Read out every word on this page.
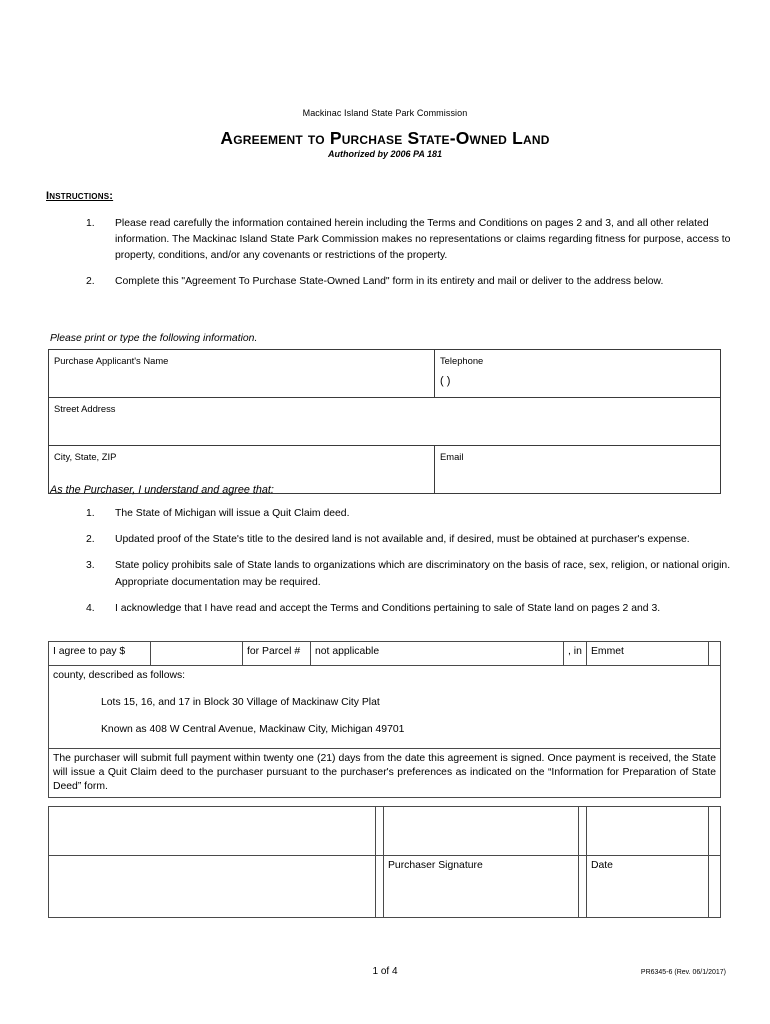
Mackinac Island State Park Commission
Agreement to Purchase State-Owned Land
Authorized by 2006 PA 181
Instructions:
1.	Please read carefully the information contained herein including the Terms and Conditions on pages 2 and 3, and all other related information. The Mackinac Island State Park Commission makes no representations or claims regarding fitness for purpose, access to property, conditions, and/or any covenants or restrictions of the property.
2.	Complete this "Agreement To Purchase State-Owned Land" form in its entirety and mail or deliver to the address below.
Please print or type the following information.
Purchase Applicant's Name	Telephone
( )

Street Address	
City, State, ZIP	Email
As the Purchaser, I understand and agree that:
1.	The State of Michigan will issue a Quit Claim deed.
2.	Updated proof of the State's title to the desired land is not available and, if desired, must be obtained at purchaser's expense.
3.	State policy prohibits sale of State lands to organizations which are discriminatory on the basis of race, sex, religion, or national origin. Appropriate documentation may be required.
4.	I acknowledge that I have read and accept the Terms and Conditions pertaining to sale of State land on pages 2 and 3.
I agree to pay $		for Parcel #	not applicable	, in	Emmet	
county, described as follows:
Lots 15, 16, and 17 in Block 30 Village of Mackinaw City Plat
Known as 408 W Central Avenue, Mackinaw City, Michigan 49701

The purchaser will submit full payment within twenty one (21) days from the date this agreement is signed. Once payment is received, the State will issue a Quit Claim deed to the purchaser pursuant to the purchaser's preferences as indicated on the “Information for Preparation of State Deed” form.

		Purchaser Signature		Date	
1 of 4	PR6345-6 (Rev. 06/1/2017)
